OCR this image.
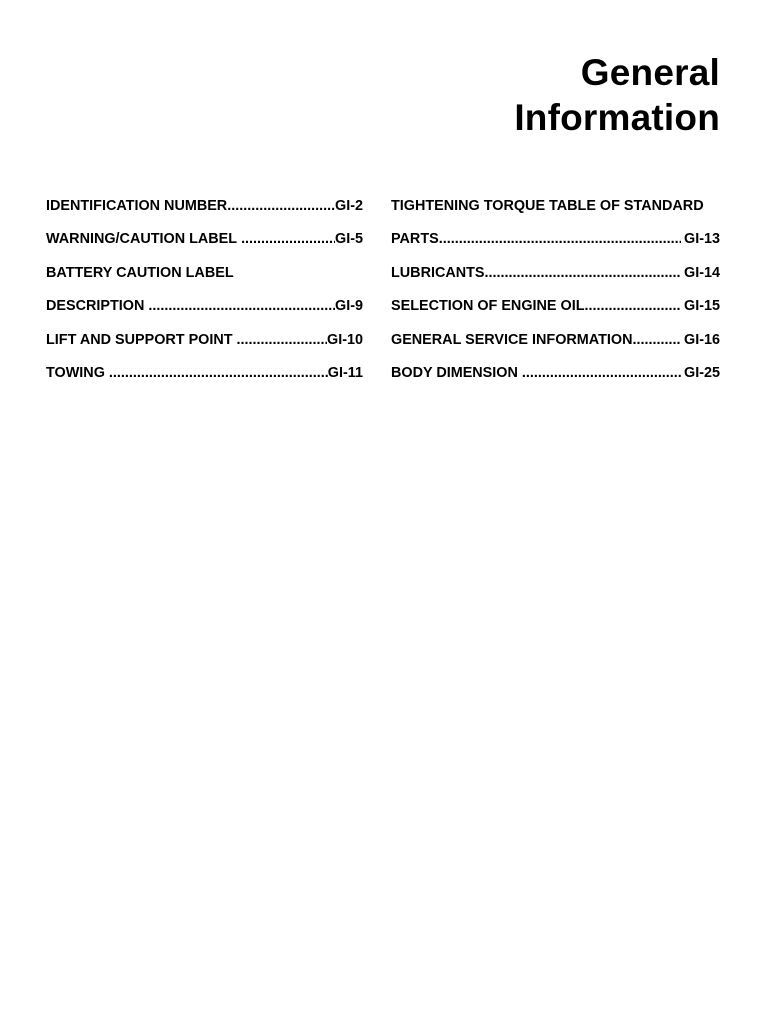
General
Information
IDENTIFICATION NUMBER .....	GI-2
WARNING/CAUTION LABEL .....	GI-5
BATTERY CAUTION LABEL
DESCRIPTION .....	GI-9
LIFT AND SUPPORT POINT .....	GI-10
TOWING .....	GI-11
TIGHTENING TORQUE TABLE OF STANDARD
PARTS .....	GI-13
LUBRICANTS .....	GI-14
SELECTION OF ENGINE OIL .....	GI-15
GENERAL SERVICE INFORMATION .....	GI-16
BODY DIMENSION .....	GI-25
